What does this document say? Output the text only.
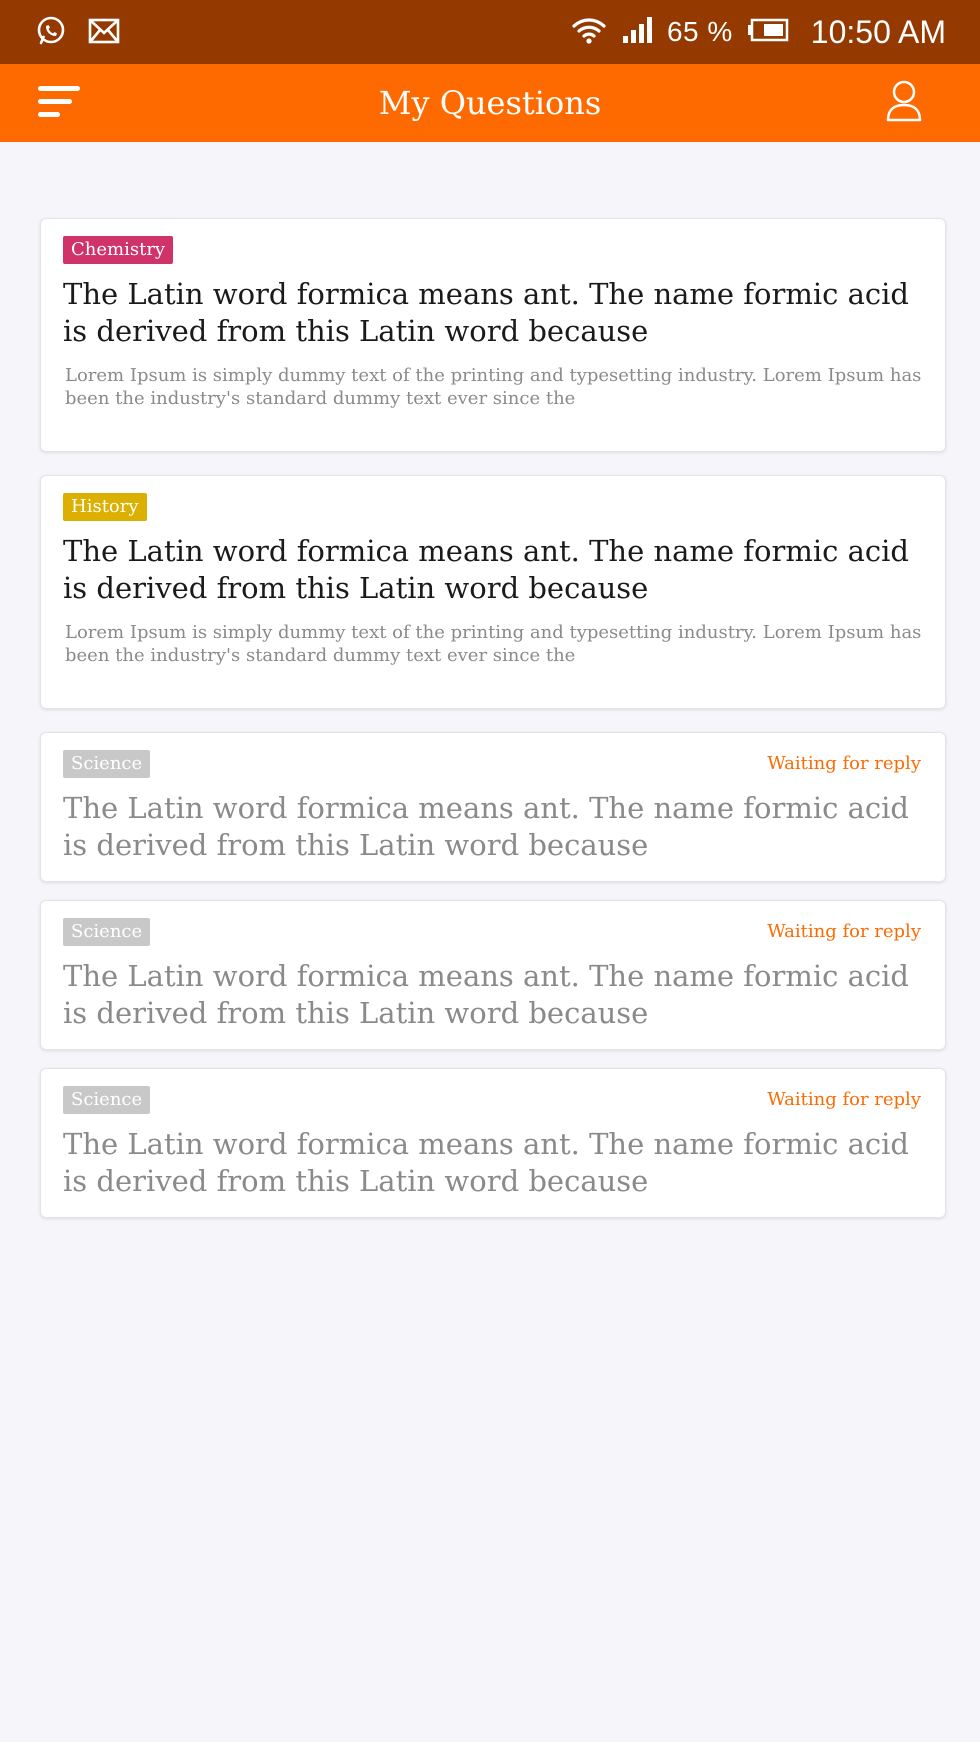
65 % 10:50 AM
My Questions
Chemistry
The Latin word formica means ant. The name formic acid is derived from this Latin word because
Lorem Ipsum is simply dummy text of the printing and typesetting industry. Lorem Ipsum has been the industry's standard dummy text ever since the
History
The Latin word formica means ant. The name formic acid is derived from this Latin word because
Lorem Ipsum is simply dummy text of the printing and typesetting industry. Lorem Ipsum has been the industry's standard dummy text ever since the
Science	Waiting for reply
The Latin word formica means ant. The name formic acid is derived from this Latin word because
Science	Waiting for reply
The Latin word formica means ant. The name formic acid is derived from this Latin word because
Science	Waiting for reply
The Latin word formica means ant. The name formic acid is derived from this Latin word because
